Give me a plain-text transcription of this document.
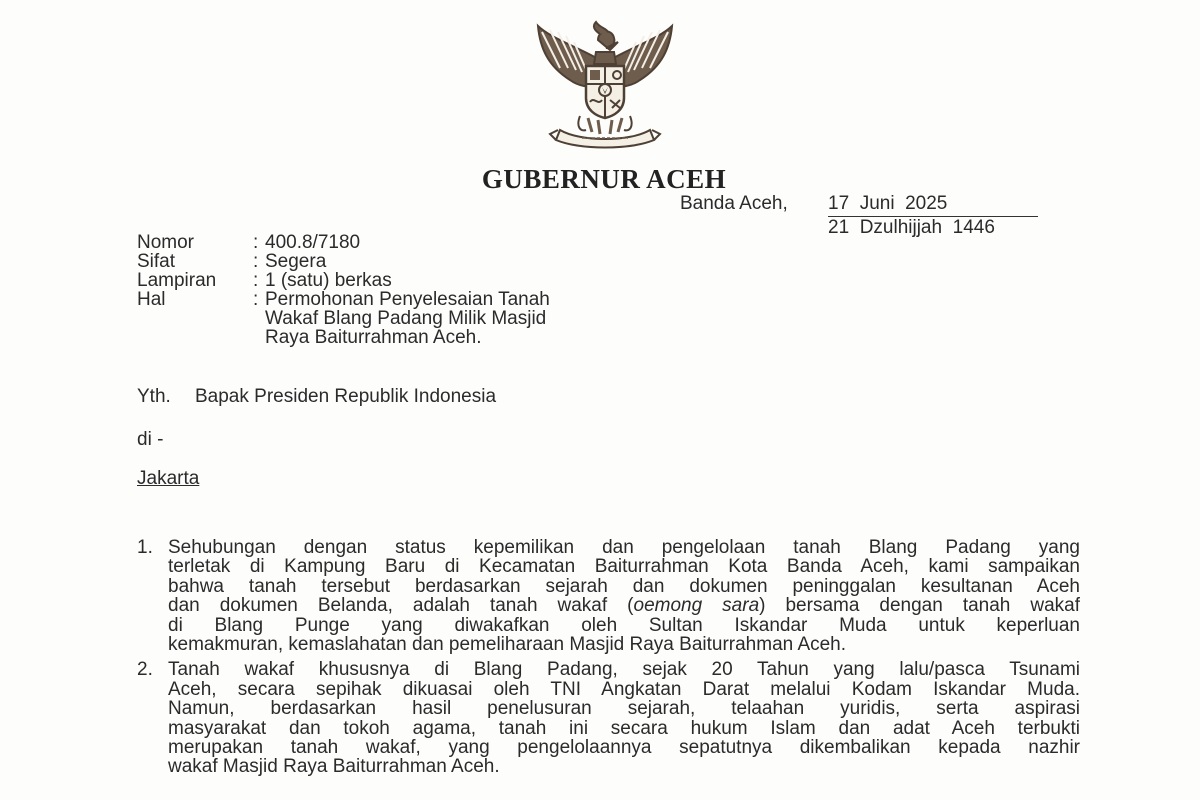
GUBERNUR ACEH
Banda Aceh, 17  Juni  2025
21  Dzulhijjah  1446
Nomor	: 400.8/7180
Sifat	: Segera
Lampiran	: 1 (satu) berkas
Hal	: Permohonan Penyelesaian Tanah
Wakaf Blang Padang Milik Masjid
Raya Baiturrahman Aceh.
Yth. Bapak Presiden Republik Indonesia
di -
Jakarta
1. Sehubungan dengan status kepemilikan dan pengelolaan tanah Blang Padang yang
terletak di Kampung Baru di Kecamatan Baiturrahman Kota Banda Aceh, kami sampaikan
bahwa tanah tersebut berdasarkan sejarah dan dokumen peninggalan kesultanan Aceh
dan dokumen Belanda, adalah tanah wakaf (oemong sara) bersama dengan tanah wakaf
di Blang Punge yang diwakafkan oleh Sultan Iskandar Muda untuk keperluan
kemakmuran, kemaslahatan dan pemeliharaan Masjid Raya Baiturrahman Aceh.
2. Tanah wakaf khususnya di Blang Padang, sejak 20 Tahun yang lalu/pasca Tsunami
Aceh, secara sepihak dikuasai oleh TNI Angkatan Darat melalui Kodam Iskandar Muda.
Namun, berdasarkan hasil penelusuran sejarah, telaahan yuridis, serta aspirasi
masyarakat dan tokoh agama, tanah ini secara hukum Islam dan adat Aceh terbukti
merupakan tanah wakaf, yang pengelolaannya sepatutnya dikembalikan kepada nazhir
wakaf Masjid Raya Baiturrahman Aceh.
